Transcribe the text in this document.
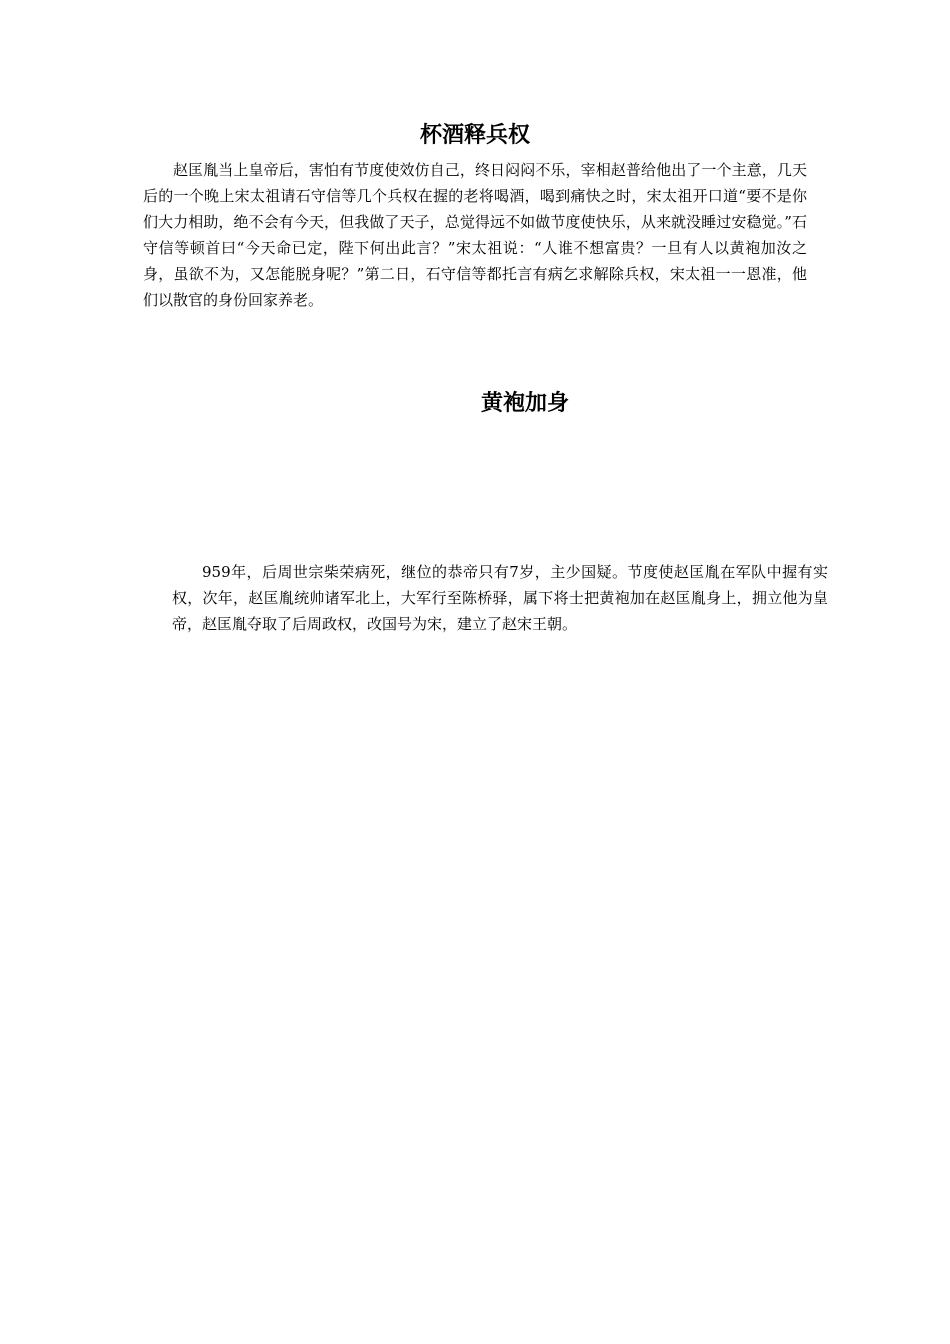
杯酒释兵权

赵匡胤当上皇帝后，害怕有节度使效仿自己，终日闷闷不乐，宰相赵普给他出了一个主意，几天后的一个晚上宋太祖请石守信等几个兵权在握的老将喝酒，喝到痛快之时，宋太祖开口道“要不是你们大力相助，绝不会有今天，但我做了天子，总觉得远不如做节度使快乐，从来就没睡过安稳觉。”石守信等顿首曰“今天命已定，陛下何出此言？”宋太祖说：“人谁不想富贵？一旦有人以黄袍加汝之身，虽欲不为，又怎能脱身呢？”第二日，石守信等都托言有病乞求解除兵权，宋太祖一一恩准，他们以散官的身份回家养老。

黄袍加身

959年，后周世宗柴荣病死，继位的恭帝只有7岁，主少国疑。节度使赵匡胤在军队中握有实权，次年，赵匡胤统帅诸军北上，大军行至陈桥驿，属下将士把黄袍加在赵匡胤身上，拥立他为皇帝，赵匡胤夺取了后周政权，改国号为宋，建立了赵宋王朝。
